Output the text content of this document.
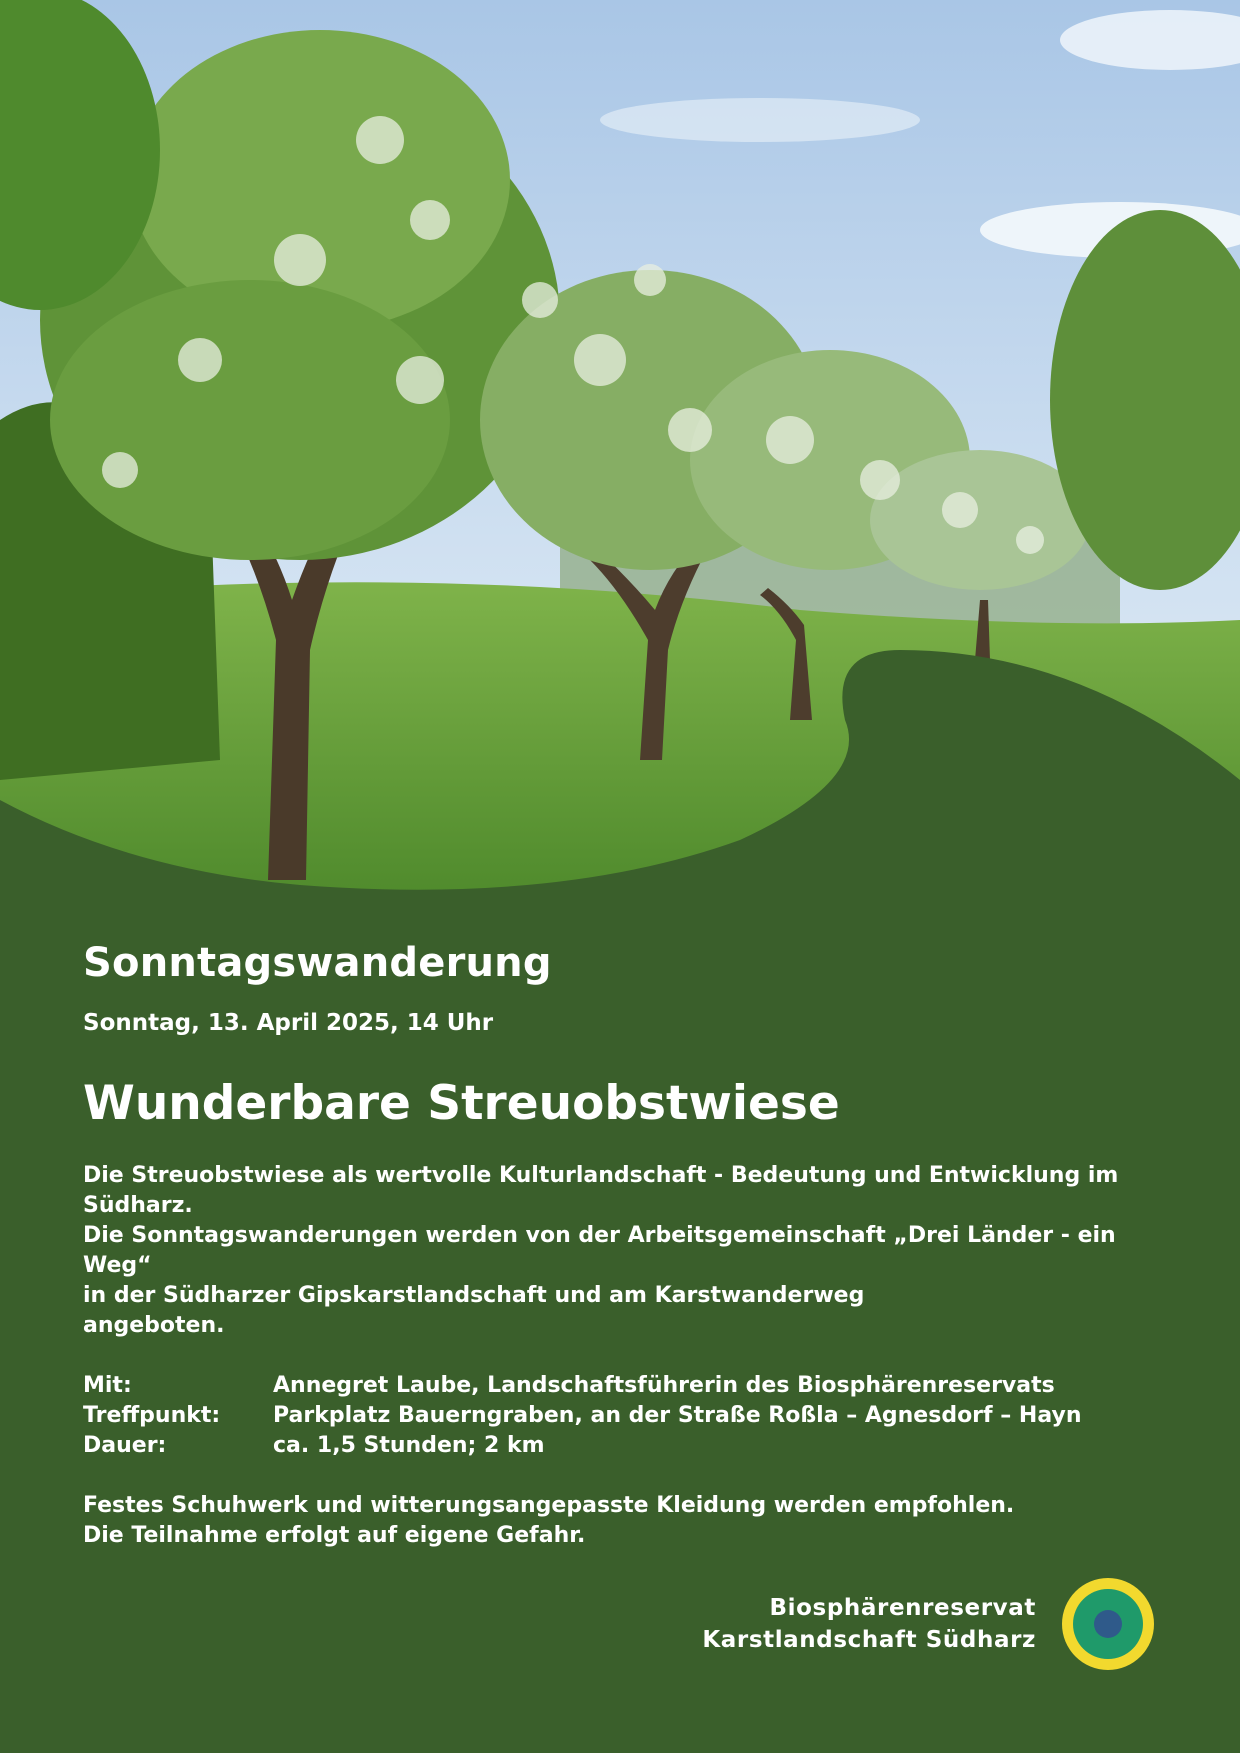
Sonntagswanderung

Sonntag, 13. April 2025, 14 Uhr

Wunderbare Streuobstwiese

Die Streuobstwiese als wertvolle Kulturlandschaft - Bedeutung und Entwicklung im
Südharz.
Die Sonntagswanderungen werden von der Arbeitsgemeinschaft „Drei Länder - ein Weg“
in der Südharzer Gipskarstlandschaft und am Karstwanderweg
angeboten.

Mit:	Annegret Laube, Landschaftsführerin des Biosphärenreservats
Treffpunkt:	Parkplatz Bauerngraben, an der Straße Roßla – Agnesdorf – Hayn
Dauer:	ca. 1,5 Stunden; 2 km

Festes Schuhwerk und witterungsangepasste Kleidung werden empfohlen.
Die Teilnahme erfolgt auf eigene Gefahr.

Biosphärenreservat
Karstlandschaft Südharz
